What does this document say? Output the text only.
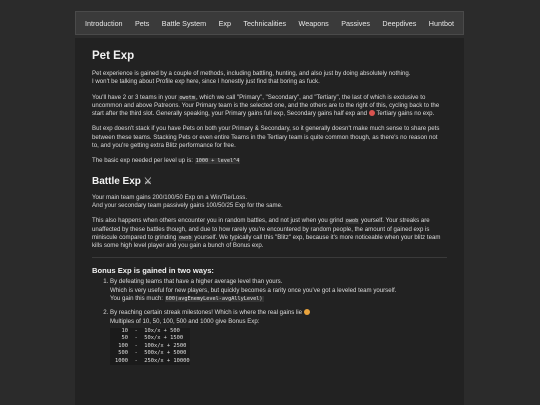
Introduction Pets Battle System Exp Technicalities Weapons Passives Deepdives Huntbot
Pet Exp

Pet experience is gained by a couple of methods, including battling, hunting, and also just by doing absolutely nothing.
I won't be talking about Profile exp here, since I honestly just find that boring as fuck.

You'll have 2 or 3 teams in your owotm, which we call "Primary", "Secondary", and "Tertiary", the last of which is exclusive to uncommon and above Patreons. Your Primary team is the selected one, and the others are to the right of this, cycling back to the start after the third slot. Generally speaking, your Primary gains full exp, Secondary gains half exp and Tertiary gains no exp.

But exp doesn't stack if you have Pets on both your Primary & Secondary, so it generally doesn't make much sense to share pets between these teams. Stacking Pets or even entire Teams in the Tertiary team is quite common though, as there's no reason not to, and you're getting extra Blitz performance for free.

The basic exp needed per level up is: 1000 + level^4

Battle Exp ⚔

Your main team gains 200/100/50 Exp on a Win/Tie/Loss.
And your secondary team passively gains 100/50/25 Exp for the same.

This also happens when others encounter you in random battles, and not just when you grind owob yourself. Your streaks are unaffected by these battles though, and due to how rarely you're encountered by random people, the amount of gained exp is miniscule compared to grinding owob yourself. We typically call this "Blitz" exp, because it's more noticeable when your blitz team kills some high level player and you gain a bunch of Bonus exp.

Bonus Exp is gained in two ways:
1. By defeating teams that have a higher average level than yours.
Which is very useful for new players, but quickly becomes a rarity once you've got a leveled team yourself.
You gain this much: 600(avgEnemyLevel-avgAllyLevel)
2. By reaching certain streak milestones! Which is where the real gains lie
Multiples of 10, 50, 100, 500 and 1000 give Bonus Exp:
10  -  10x/x + 500
50  -  50x/x + 1500
100  -  100x/x + 2500
500  -  500x/x + 5000
1000  -  250x/x + 10000
